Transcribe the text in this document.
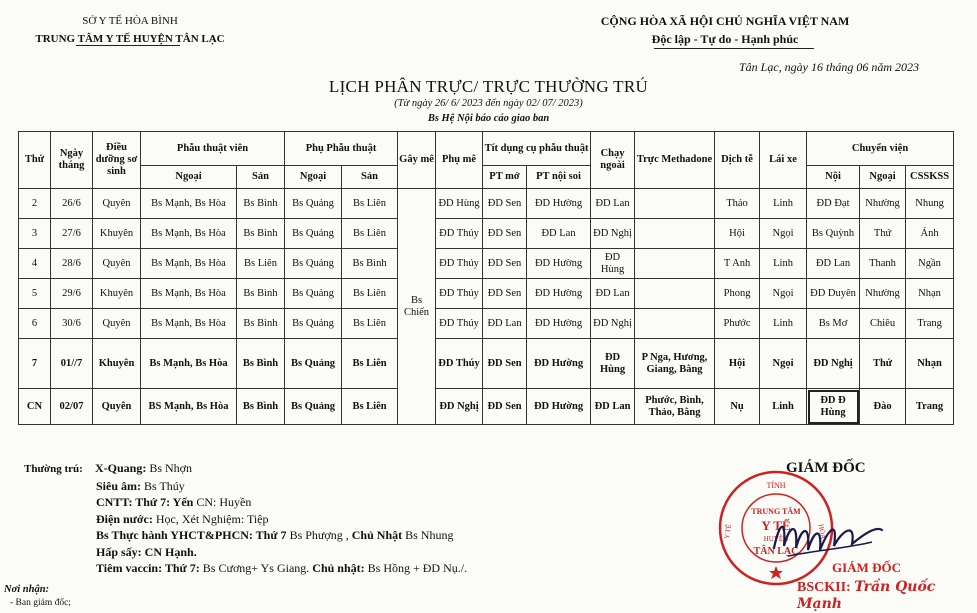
SỞ Y TẾ HÒA BÌNH
TRUNG TÂM Y TẾ HUYỆN TÂN LẠC
CỘNG HÒA XÃ HỘI CHỦ NGHĨA VIỆT NAM
Độc lập - Tự do - Hạnh phúc
Tân Lạc, ngày 16 tháng 06 năm 2023
LỊCH PHÂN TRỰC/ TRỰC THƯỜNG TRÚ
(Từ ngày 26/ 6/ 2023 đến ngày 02/ 07/ 2023)
Bs Hệ Nội báo cáo giao ban
Thứ	Ngày tháng	Điều dưỡng sơ sinh	Phẫu thuật viên		Phụ Phẫu thuật		Gây mê	Phụ mê	Tít dụng cụ phẫu thuật		Chạy ngoài	Trực Methadone	Dịch tễ	Lái xe	Chuyển viện		
			Ngoại	Sản	Ngoại	Sản			PT mở	PT nội soi					Nội	Ngoại	CSSKSS
2	26/6	Quyên	Bs Mạnh, Bs Hòa	Bs Bình	Bs Quảng	Bs Liên	Bs Chiến	ĐD Hùng	ĐD Sen	ĐD Hường	ĐD Lan		Thảo	Linh	ĐD Đạt	Nhường	Nhung
3	27/6	Khuyên	Bs Mạnh, Bs Hòa	Bs Bình	Bs Quảng	Bs Liên		ĐD Thúy	ĐD Sen	ĐD Lan	ĐD Nghị		Hội	Ngọi	Bs Quỳnh	Thứ	Ánh
4	28/6	Quyên	Bs Mạnh, Bs Hòa	Bs Liên	Bs Quảng	Bs Bình		ĐD Thúy	ĐD Sen	ĐD Hường	ĐD Hùng		T Anh	Linh	ĐD Lan	Thanh	Ngần
5	29/6	Khuyên	Bs Mạnh, Bs Hòa	Bs Bình	Bs Quảng	Bs Liên		ĐD Thúy	ĐD Sen	ĐD Hường	ĐD Lan		Phong	Ngọi	ĐD Duyên	Nhường	Nhạn
6	30/6	Quyên	Bs Mạnh, Bs Hòa	Bs Bình	Bs Quảng	Bs Liên		ĐD Thúy	ĐD Lan	ĐD Hường	ĐD Nghị		Phước	Linh	Bs Mơ	Chiêu	Trang
7	01//7	Khuyên	Bs Mạnh, Bs Hòa	Bs Bình	Bs Quảng	Bs Liên		ĐD Thúy	ĐD Sen	ĐD Hường	ĐD Hùng	P Nga, Hương, Giang, Bằng	Hội	Ngọi	ĐD Nghị	Thứ	Nhạn
CN	02/07	Quyên	BS Mạnh, Bs Hòa	Bs Bình	Bs Quảng	Bs Liên		ĐD Nghị	ĐD Sen	ĐD Hường	ĐD Lan	Phước, Bình, Thảo, Bằng	Nụ	Linh	ĐD Đ Hùng	Đào	Trang
Thường trú: X-Quang: Bs Nhợn
Siêu âm: Bs Thúy
CNTT: Thứ 7: Yến CN: Huyền
Điện nước: Học, Xét Nghiệm: Tiệp
Bs Thực hành YHCT&PHCN: Thứ 7 Bs Phượng , Chủ Nhật Bs Nhung
Hấp sấy: CN Hạnh.
Tiêm vaccin: Thứ 7: Bs Cương+ Ys Giang. Chủ nhật: Bs Hồng + ĐD Nụ./.
Nơi nhận:
- Ban giám đốc;
GIÁM ĐỐC
TÍNH
Y TẾ	HÒA
TRUNG TÂM
Y TẾ
HUYỆN
TÂN LẠC
GIÁM ĐỐC
BSCKII: Trần Quốc Mạnh
